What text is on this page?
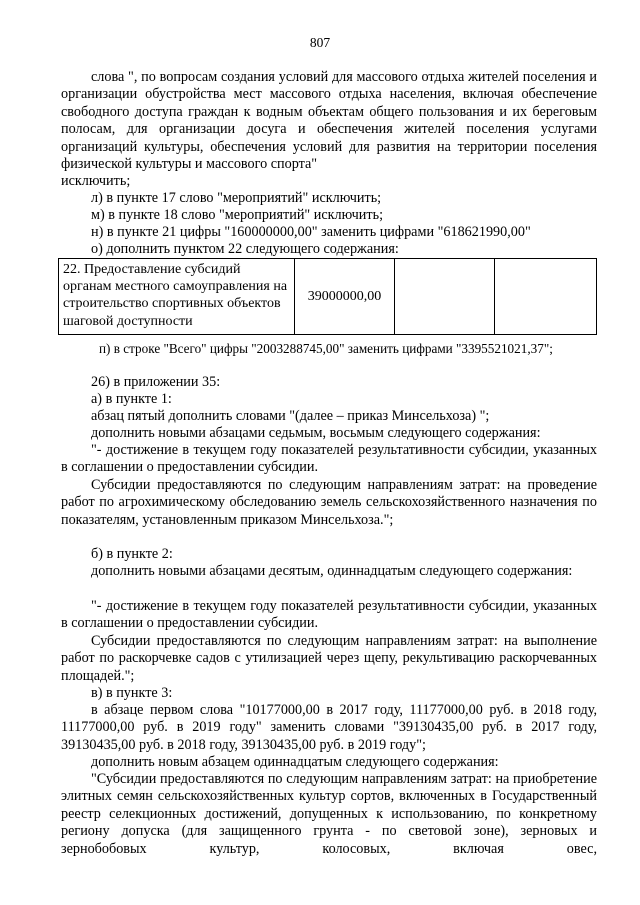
807

слова ", по вопросам создания условий для массового отдыха жителей поселения и организации обустройства мест массового отдыха населения, включая обеспечение свободного доступа граждан к водным объектам общего пользования и их береговым полосам, для организации досуга и обеспечения жителей поселения услугами организаций культуры, обеспечения условий для развития на территории поселения физической культуры и массового спорта"

исключить;

л) в пункте 17 слово "мероприятий" исключить;

м) в пункте 18 слово "мероприятий" исключить;

н) в пункте 21 цифры "160000000,00" заменить цифрами "618621990,00"

о) дополнить пунктом 22 следующего содержания:

22. Предоставление субсидий органам местного самоуправления на строительство спортивных объектов шаговой доступности	39000000,00		

п) в строке "Всего" цифры "2003288745,00" заменить цифрами "3395521021,37";

26) в приложении 35:

а) в пункте 1:

абзац пятый дополнить словами "(далее – приказ Минсельхоза) ";

дополнить новыми абзацами седьмым, восьмым следующего содержания:

"- достижение в текущем году показателей результативности субсидии, указанных в соглашении о предоставлении субсидии.

Субсидии предоставляются по следующим направлениям затрат: на проведение работ по агрохимическому обследованию земель сельскохозяйственного назначения по показателям, установленным приказом Минсельхоза.";

б) в пункте 2:

дополнить новыми абзацами десятым, одиннадцатым следующего содержания:

"- достижение в текущем году показателей результативности субсидии, указанных в соглашении о предоставлении субсидии.

Субсидии предоставляются по следующим направлениям затрат: на выполнение работ по раскорчевке садов с утилизацией через щепу, рекультивацию раскорчеванных площадей.";

в) в пункте 3:

в абзаце первом слова "10177000,00 в 2017 году, 11177000,00 руб. в 2018 году, 11177000,00 руб. в 2019 году" заменить словами "39130435,00 руб. в 2017 году, 39130435,00 руб. в 2018 году, 39130435,00 руб. в 2019 году";

дополнить новым абзацем одиннадцатым следующего содержания:

"Субсидии предоставляются по следующим направлениям затрат: на приобретение элитных семян сельскохозяйственных культур сортов, включенных в Государственный реестр селекционных достижений, допущенных к использованию, по конкретному региону допуска (для защищенного грунта - по световой зоне), зерновых и зернобобовых культур, колосовых, включая овес,
